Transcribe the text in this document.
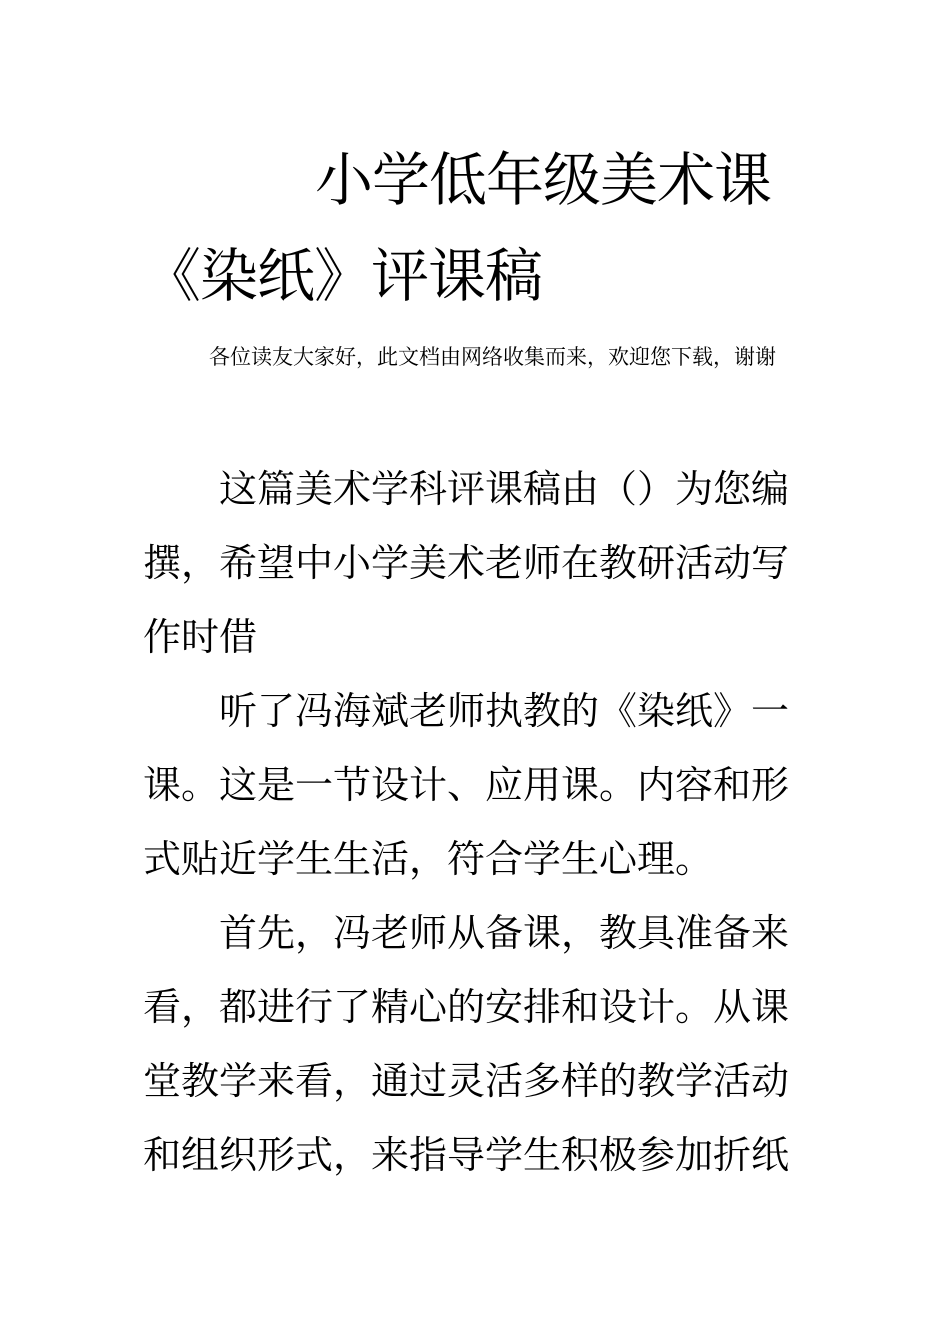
小学低年级美术课《染纸》评课稿

各位读友大家好，此文档由网络收集而来，欢迎您下载，谢谢

这篇美术学科评课稿由（）为您编撰，希望中小学美术老师在教研活动写作时借

听了冯海斌老师执教的《染纸》一课。这是一节设计、应用课。内容和形式贴近学生生活，符合学生心理。

首先，冯老师从备课，教具准备来看，都进行了精心的安排和设计。从课堂教学来看，通过灵活多样的教学活动和组织形式，来指导学生积极参加折纸
